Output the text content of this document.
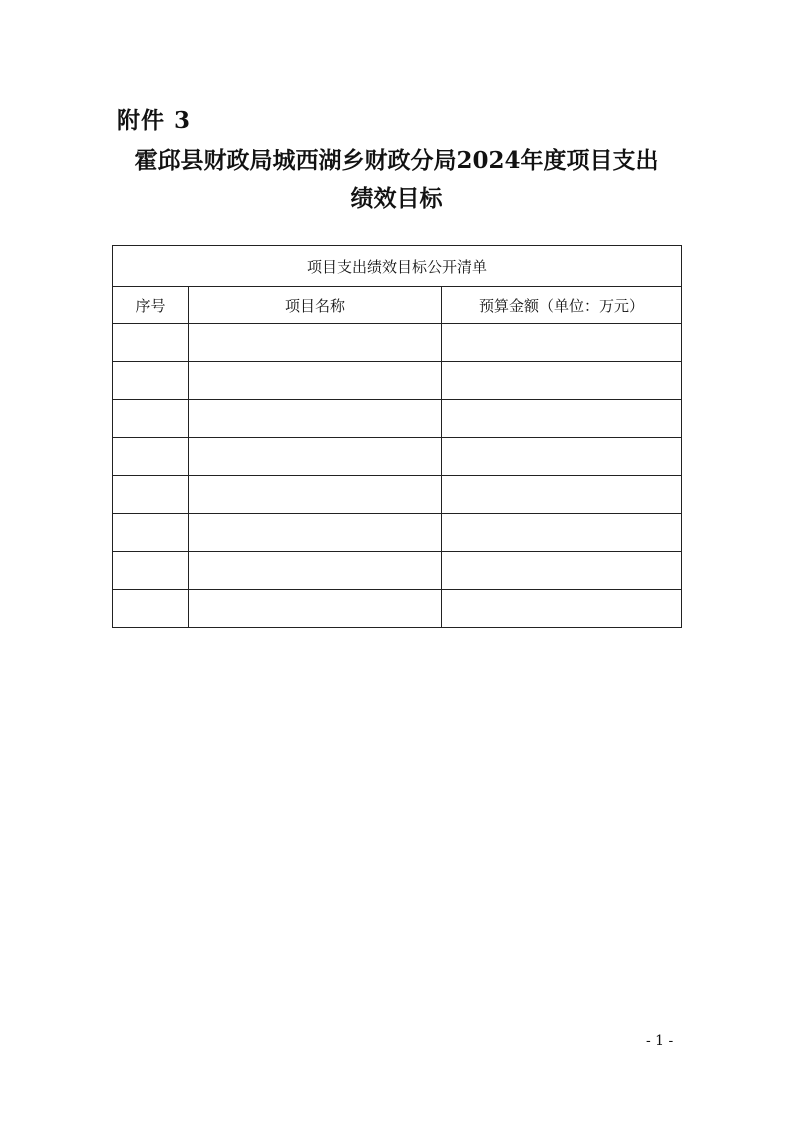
附件 3
霍邱县财政局城西湖乡财政分局2024年度项目支出
绩效目标
项目支出绩效目标公开清单		
序号	项目名称	预算金额（单位：万元）

- 1 -
